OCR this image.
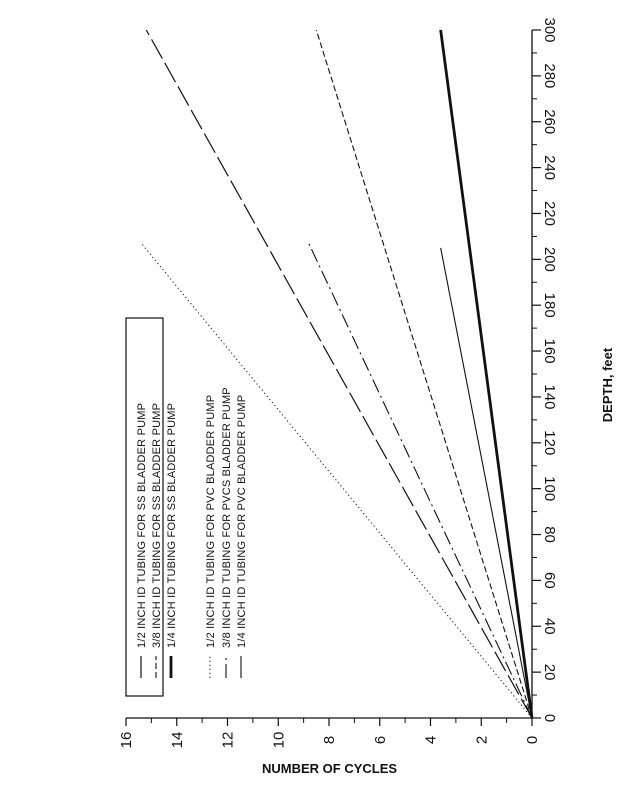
0
20
40
60
80
100
120
140
160
180
200
220
240
260
280
300
0
2
4
6
8
10
12
14
16
1/2 INCH ID TUBING FOR SS BLADDER PUMP 3/8 INCH ID TUBING FOR SS BLADDER PUMP 1/4 INCH ID TUBING FOR SS BLADDER PUMP 1/2 INCH ID TUBING FOR PVC BLADDER PUMP 3/8 INCH ID TUBING FOR PVCS BLADDER PUMP 1/4 INCH ID TUBING FOR PVC BLADDER PUMP
NUMBER OF CYCLES
DEPTH, feet
